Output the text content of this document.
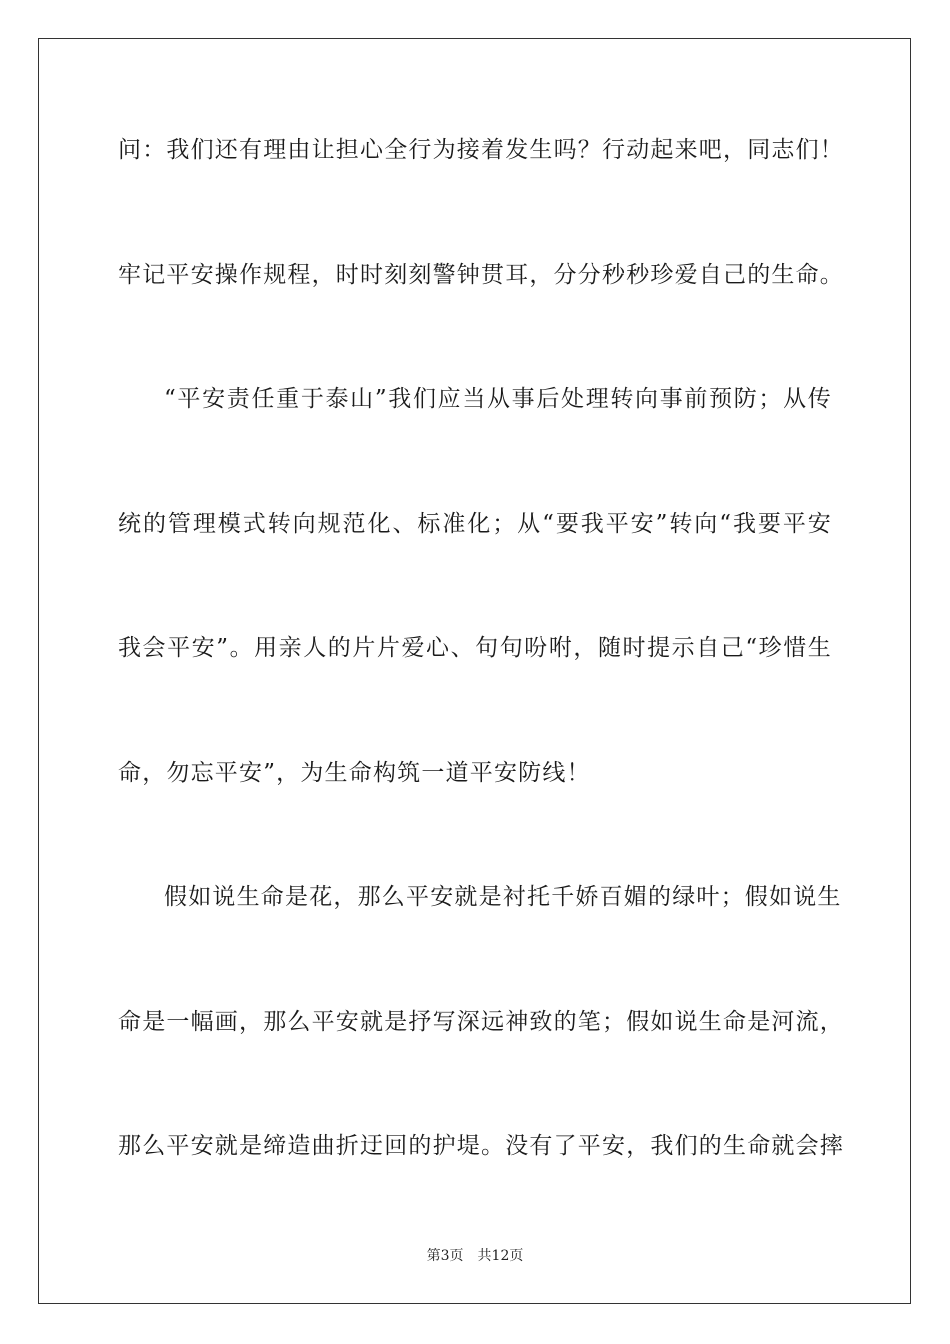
问：我们还有理由让担心全行为接着发生吗？行动起来吧，同志们！
牢记平安操作规程，时时刻刻警钟贯耳，分分秒秒珍爱自己的生命。
“平安责任重于泰山”我们应当从事后处理转向事前预防；从传
统的管理模式转向规范化、标准化；从“要我平安”转向“我要平安
我会平安”。用亲人的片片爱心、句句吩咐，随时提示自己“珍惜生
命，勿忘平安”，为生命构筑一道平安防线！
假如说生命是花，那么平安就是衬托千娇百媚的绿叶；假如说生
命是一幅画，那么平安就是抒写深远神致的笔；假如说生命是河流，
那么平安就是缔造曲折迂回的护堤。没有了平安，我们的生命就会摔
第3页 共12页
